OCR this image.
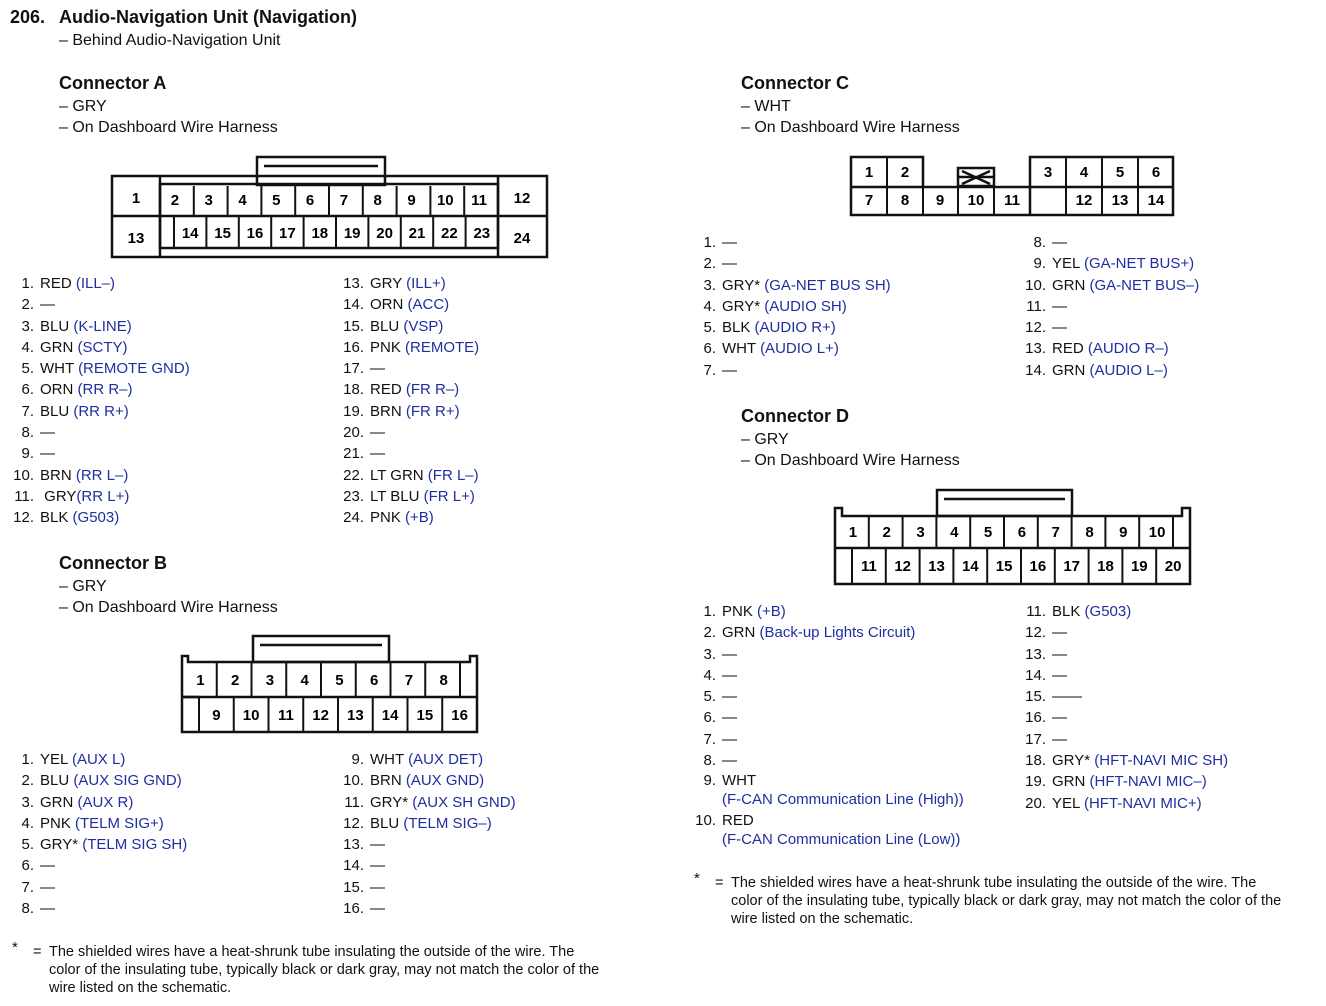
206. Audio-Navigation Unit (Navigation)
– Behind Audio-Navigation Unit
Connector A
– GRY
– On Dashboard Wire Harness
1	12
13	24
2 3 4 5 6 7 8 9 10 11
14 15 16 17 18 19 20 21 22 23
1 2 3 4 5 6 7 8
9 10 11 12 13 14 15 16
1 2	3 4 5 6
7 8 9 10 11	12 13 14
1 2 3 4 5 6 7 8 9 10
11 12 13 14 15 16 17 18 19 20
1. RED (ILL–)
2. —
3. BLU (K-LINE)
4. GRN (SCTY)
5. WHT (REMOTE GND)
6. ORN (RR R–)
7. BLU (RR R+)
8. —
9. —
10. BRN (RR L–)
11. GRY (RR L+)
12. BLK (G503)
13. GRY (ILL+)
14. ORN (ACC)
15. BLU (VSP)
16. PNK (REMOTE)
17. —
18. RED (FR R–)
19. BRN (FR R+)
20. —
21. —
22. LT GRN (FR L–)
23. LT BLU (FR L+)
24. PNK (+B)
Connector B
– GRY
– On Dashboard Wire Harness
1. YEL (AUX L)
2. BLU (AUX SIG GND)
3. GRN (AUX R)
4. PNK (TELM SIG+)
5. GRY* (TELM SIG SH)
6. —
7. —
8. —
9. WHT (AUX DET)
10. BRN (AUX GND)
11. GRY* (AUX SH GND)
12. BLU (TELM SIG–)
13. —
14. —
15. —
16. —
* = The shielded wires have a heat-shrunk tube insulating the outside of the wire. The
color of the insulating tube, typically black or dark gray, may not match the color of the
wire listed on the schematic.
Connector C
– WHT
– On Dashboard Wire Harness
1. —
2. —
3. GRY* (GA-NET BUS SH)
4. GRY* (AUDIO SH)
5. BLK (AUDIO R+)
6. WHT (AUDIO L+)
7. —
8. —
9. YEL (GA-NET BUS+)
10. GRN (GA-NET BUS–)
11. —
12. —
13. RED (AUDIO R–)
14. GRN (AUDIO L–)
Connector D
– GRY
– On Dashboard Wire Harness
1. PNK (+B)
2. GRN (Back-up Lights Circuit)
3. —
4. —
5. —
6. —
7. —
8. —
9. WHT
(F-CAN Communication Line (High))
10. RED
(F-CAN Communication Line (Low))
11. BLK (G503)
12. —
13. —
14. —
15. ——
16. —
17. —
18. GRY* (HFT-NAVI MIC SH)
19. GRN (HFT-NAVI MIC–)
20. YEL (HFT-NAVI MIC+)
* = The shielded wires have a heat-shrunk tube insulating the outside of the wire. The
color of the insulating tube, typically black or dark gray, may not match the color of the
wire listed on the schematic.
